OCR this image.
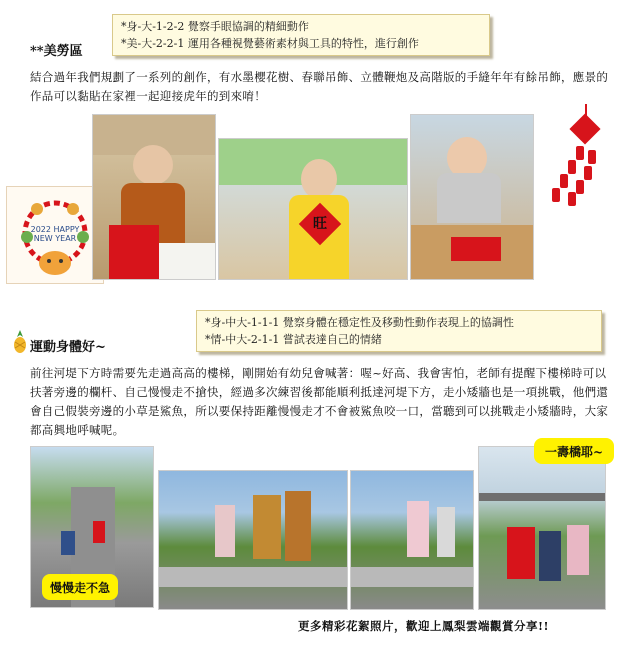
*身-大-1-2-2 覺察手眼協調的精細動作
*美-大-2-2-1 運用各種視覺藝術素材與工具的特性，進行創作
**美勞區
結合過年我們規劃了一系列的創作，有水墨櫻花樹、春聯吊飾、立體鞭炮及高階版的手縫年年有餘吊飾，應景的作品可以黏貼在家裡一起迎接虎年的到來唷！
2022 HAPPY NEW YEAR
旺
*身-中大-1-1-1 覺察身體在穩定性及移動性動作表現上的協調性
*情-中大-2-1-1 嘗試表達自己的情緒
運動身體好~
前往河堤下方時需要先走過高高的樓梯，剛開始有幼兒會喊著：喔~好高、我會害怕，老師有提醒下樓梯時可以扶著旁邊的欄杆、自己慢慢走不搶快，經過多次練習後都能順利抵達河堤下方，走小矮牆也是一項挑戰，他們還會自己假裝旁邊的小草是鯊魚，所以要保持距離慢慢走才不會被鯊魚咬一口，當聽到可以挑戰走小矮牆時，大家都高興地呼喊呢。
慢慢走不急
一壽橋耶~
更多精彩花絮照片，歡迎上鳳梨雲端觀賞分享!!
